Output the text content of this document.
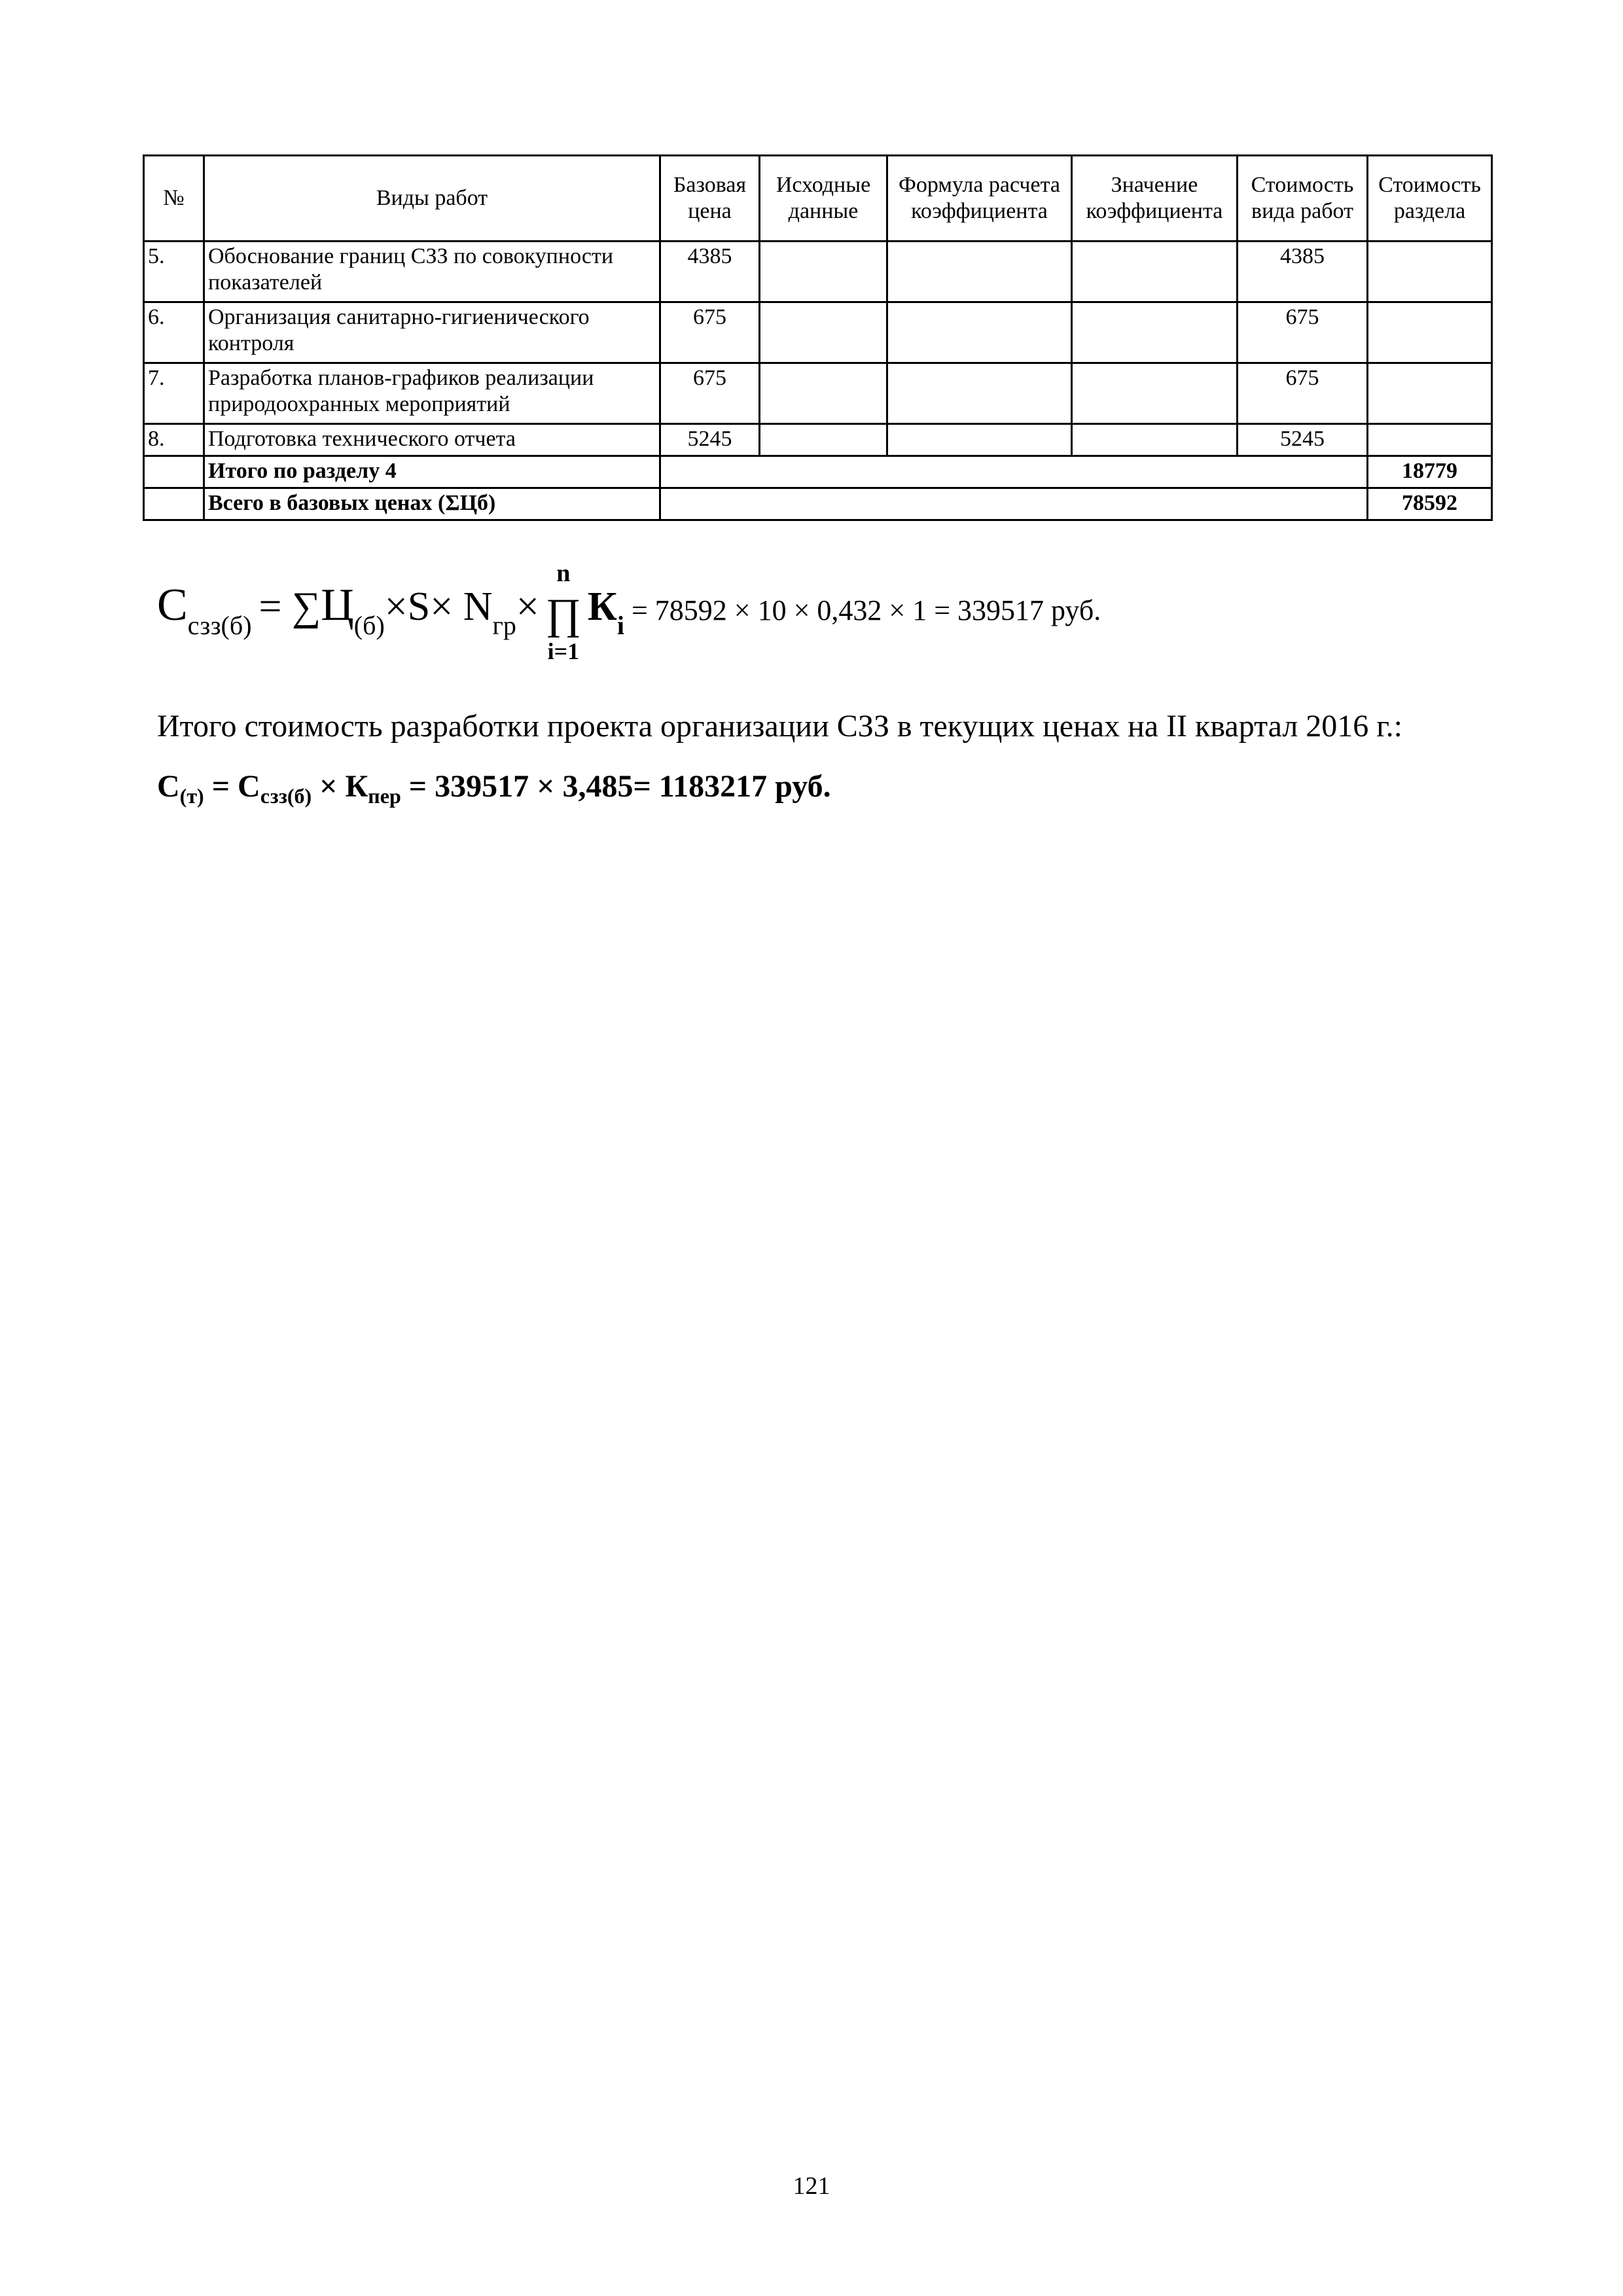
№	Виды работ	Базовая цена	Исходные данные	Формула расчета коэффициента	Значение коэффициента	Стоимость вида работ	Стоимость раздела
5.	Обоснование границ СЗЗ по совокупности показателей	4385				4385	
6.	Организация санитарно-гигиенического контроля	675				675	
7.	Разработка планов-графиков реализации природоохранных мероприятий	675				675	
8.	Подготовка технического отчета	5245				5245	
	Итого по разделу 4						18779
	Всего в базовых ценах (ΣЦб)						78592
Ссзз(б) = ∑Ц(б)×S× Nгр×
n
∏
i=1
Кi = 78592 × 10 × 0,432 × 1 = 339517 руб.
Итого стоимость разработки проекта организации СЗЗ в текущих ценах на II квартал 2016 г.:
$С_{(т)} = С_{сзз(б)} \times К_{пер} = 339517 \times 3,485= 1183217$ руб.
121
